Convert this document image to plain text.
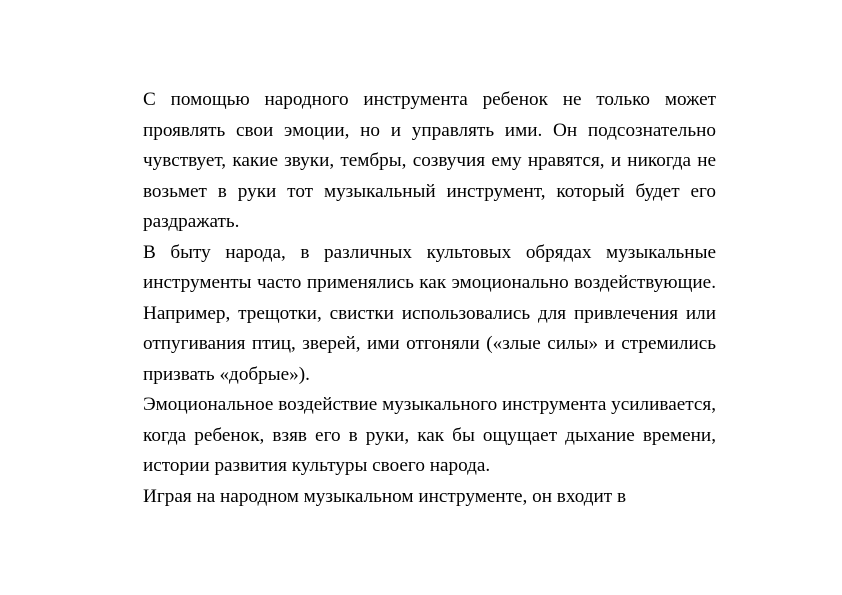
С помощью народного инструмента ребенок не только может проявлять свои эмоции, но и управлять ими. Он подсознательно чувствует, какие звуки, тембры, созвучия ему нравятся, и никогда не возьмет в руки тот музыкальный инструмент, который будет его раздражать.

В быту народа, в различных культовых обрядах музыкальные инструменты часто применялись как эмоционально воздействующие. Например, трещотки, свистки использовались для привлечения или отпугивания птиц, зверей, ими отгоняли («злые силы» и стремились призвать «добрые»).

Эмоциональное воздействие музыкального инструмента усиливается, когда ребенок, взяв его в руки, как бы ощущает дыхание времени, истории развития культуры своего народа.

Играя на народном музыкальном инструменте, он входит в
